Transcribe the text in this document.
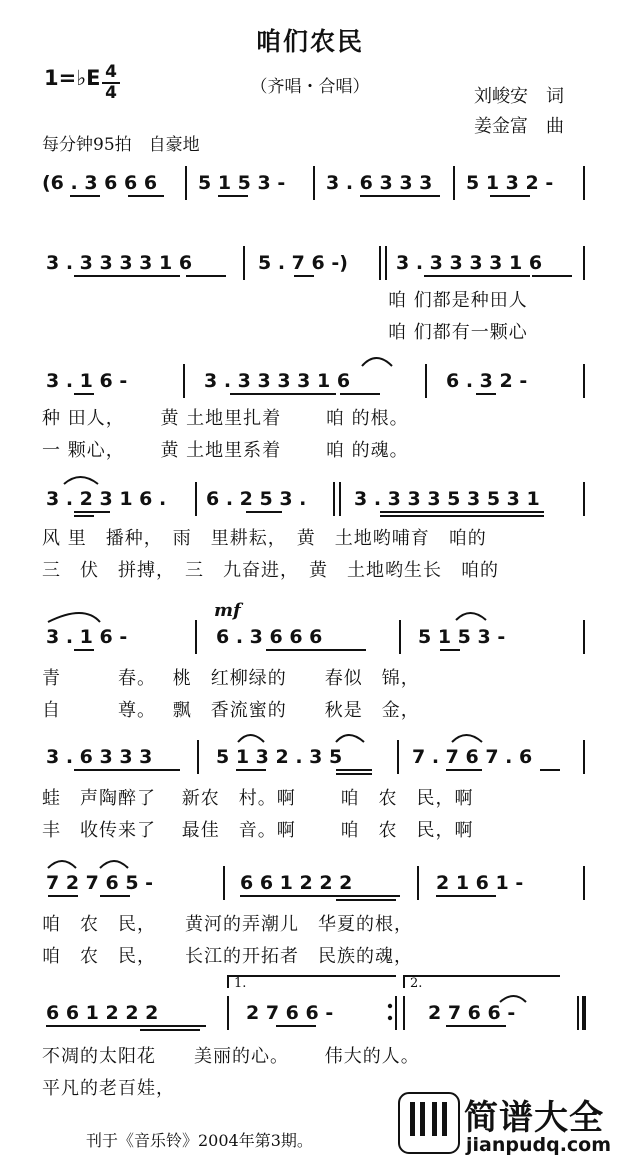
咱们农民
1=♭E 4
4	（齐唱・合唱）	刘峻安　词
姜金富　曲
每分钟95拍　自豪地
mf
(6 . 3 6 6 6 5 1 5 3 - 3 . 6 3 3 3 5 1 3 2 -
3 . 3 3 3 3 1 6	5 . 7 6 -)	3 . 3 3 3 3 1 6
咱 们都是种田人
咱 们都有一颗心
3 . 1 6 -	3 . 3 3 3 3 1 6	6 . 3 2 -
种 田人，　　 黄 土地里扎着　　 咱 的根。
一 颗心，　　 黄 土地里系着　　 咱 的魂。
3 . 2 3 1 6 . 6 . 2 5 3 .	3 . 3 3 3 5 3 5 3 1
风 里　播种，　雨　里耕耘，　黄　土地哟哺育　咱的
三　伏　拼搏，　三　九奋进，　黄　土地哟生长　咱的
3 . 1 6 -	6 . 3 6 6 6	5 1 5 3 -
青　　　春。　 桃　红柳绿的　　春似　锦，
自　　　尊。　 飘　香流蜜的　　秋是　金，
3 . 6 3 3 3	5 1 3 2 . 3 5	7 . 7 6 7 . 6
蛙　声陶醉了　 新农　村。啊　　 咱　农　民，啊
丰　收传来了　 最佳　音。啊　　 咱　农　民，啊
7 2 7 6 5 -	6 6 1 2 2 2	2 1 6 1 -
咱　农　民，　　黄河的弄潮儿　华夏的根，
咱　农　民，　　长江的开拓者　民族的魂，
6 6 1 2 2 2	2 7 6 6 -	2 7 6 6 -
1.	2.
不凋的太阳花　　美丽的心。　　 伟大的人。
平凡的老百娃，
刊于《音乐铃》2004年第3期。
简谱大全
jianpudq.com
